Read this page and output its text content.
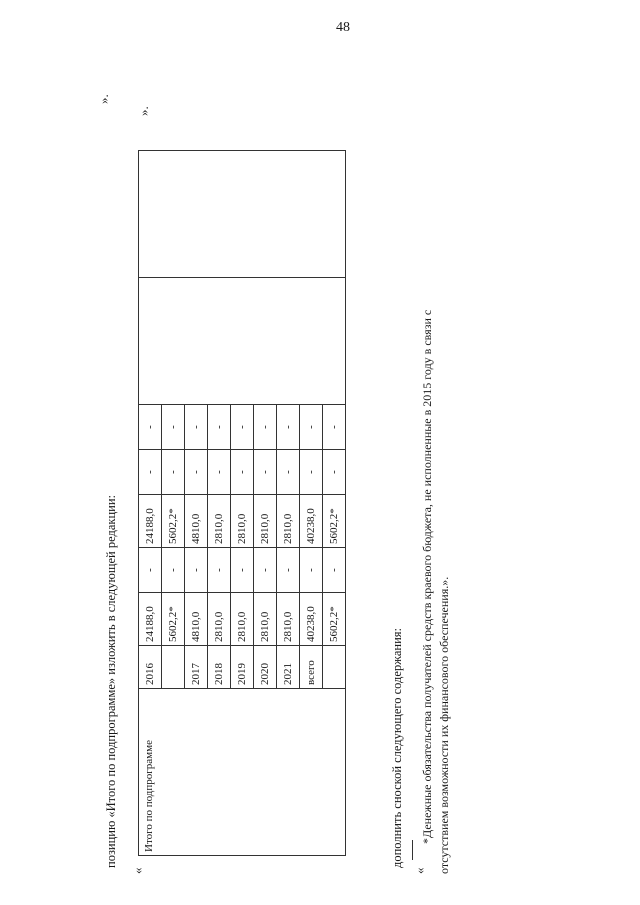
48
».
позицию «Итого по подпрограмме» изложить в следующей редакции:
«
Итого по подпрограмме	2016	24188,0	-	24188,0	-	-		
		5602,2*	-	5602,2*	-	-		
	2017	4810,0	-	4810,0	-	-		
	2018	2810,0	-	2810,0	-	-		
	2019	2810,0	-	2810,0	-	-		
	2020	2810,0	-	2810,0	-	-		
	2021	2810,0	-	2810,0	-	-		
	всего	40238,0	-	40238,0	-	-		
		5602,2*	-	5602,2*	-	-		
».
дополнить сноской следующего содержания:
«
*Денежные обязательства получателей средств краевого бюджета, не исполненные в 2015 году в связи с отсутствием возможности их финансового обеспечения.».
